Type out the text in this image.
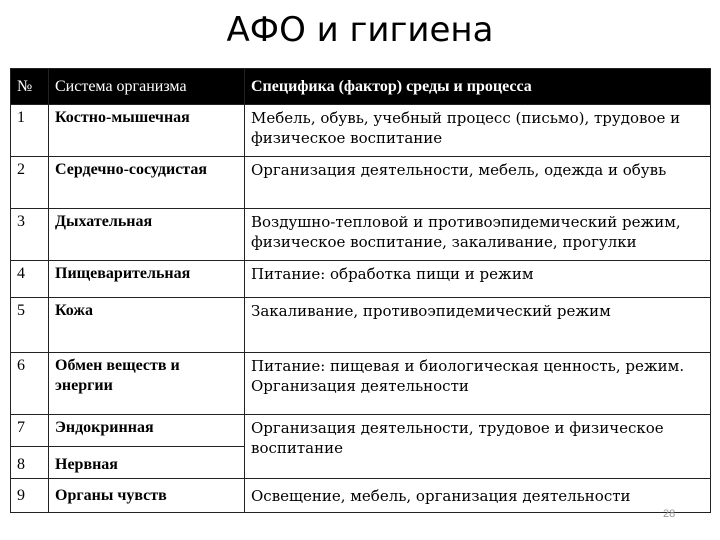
АФО и гигиена
№	Система организма	Специфика (фактор) среды и процесса
1	Костно-мышечная	Мебель, обувь, учебный процесс (письмо), трудовое и физическое воспитание
2	Сердечно-сосудистая	Организация деятельности, мебель, одежда и обувь
3	Дыхательная	Воздушно-тепловой и противоэпидемический режим, физическое воспитание, закаливание, прогулки
4	Пищеварительная	Питание: обработка пищи и режим
5	Кожа	Закаливание, противоэпидемический режим
6	Обмен веществ и энергии	Питание: пищевая и биологическая ценность, режим. Организация деятельности
7	Эндокринная	Организация деятельности, трудовое и физическое воспитание
8	Нервная	
9	Органы чувств	Освещение, мебель, организация деятельности
28
